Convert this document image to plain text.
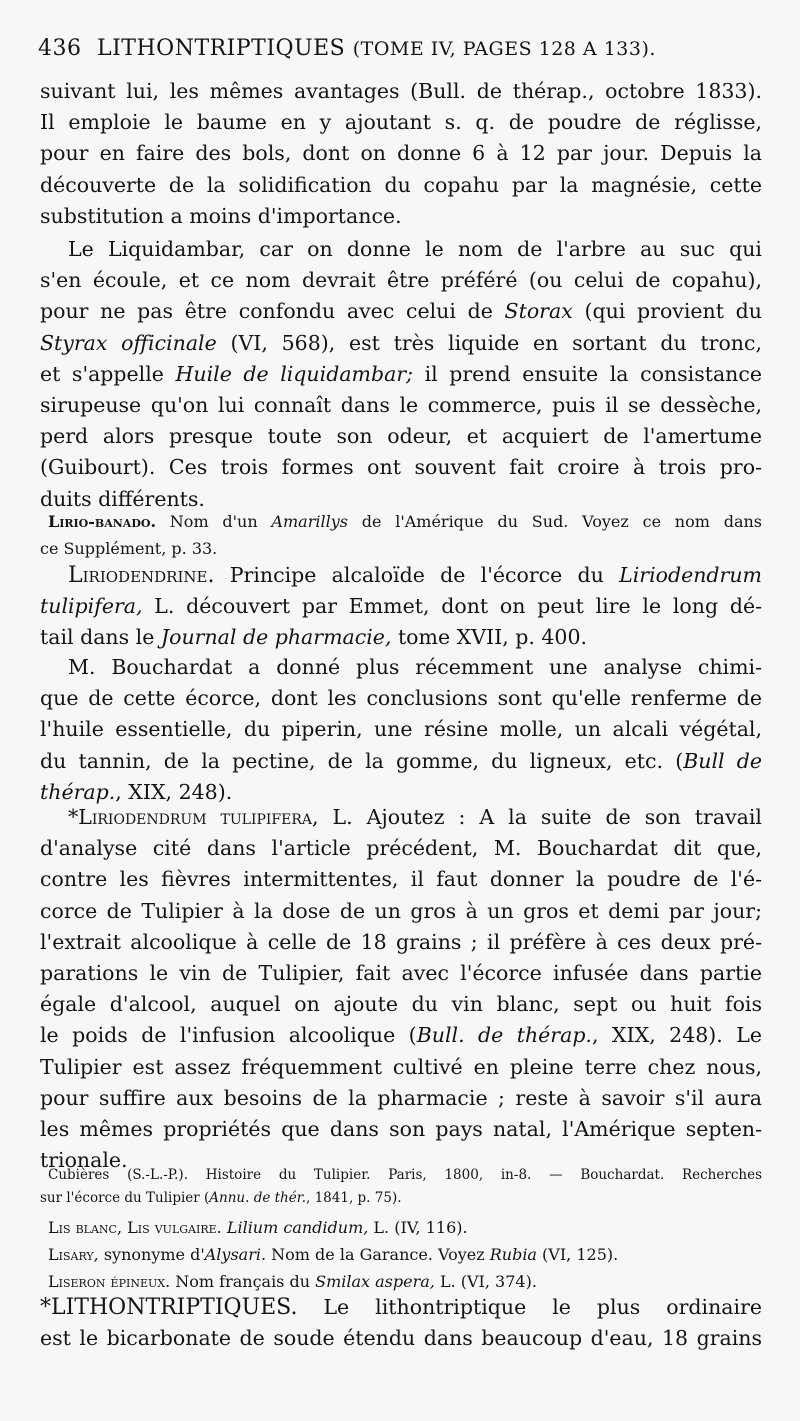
436 LITHONTRIPTIQUES (TOME IV, PAGES 128 A 133).
suivant lui, les mêmes avantages (Bull. de thérap., octobre 1833).
Il emploie le baume en y ajoutant s. q. de poudre de réglisse,
pour en faire des bols, dont on donne 6 à 12 par jour. Depuis la
découverte de la solidification du copahu par la magnésie, cette
substitution a moins d'importance.
Le Liquidambar, car on donne le nom de l'arbre au suc qui
s'en écoule, et ce nom devrait être préféré (ou celui de copahu),
pour ne pas être confondu avec celui de Storax (qui provient du
Styrax officinale (VI, 568), est très liquide en sortant du tronc,
et s'appelle Huile de liquidambar; il prend ensuite la consistance
sirupeuse qu'on lui connaît dans le commerce, puis il se dessèche,
perd alors presque toute son odeur, et acquiert de l'amertume
(Guibourt). Ces trois formes ont souvent fait croire à trois pro-
duits différents.
Lirio-banado. Nom d'un Amarillys de l'Amérique du Sud. Voyez ce nom dans
ce Supplément, p. 33.
Liriodendrine. Principe alcaloïde de l'écorce du Liriodendrum
tulipifera, L. découvert par Emmet, dont on peut lire le long dé-
tail dans le Journal de pharmacie, tome XVII, p. 400.
M. Bouchardat a donné plus récemment une analyse chimi-
que de cette écorce, dont les conclusions sont qu'elle renferme de
l'huile essentielle, du piperin, une résine molle, un alcali végétal,
du tannin, de la pectine, de la gomme, du ligneux, etc. (Bull de
thérap., XIX, 248).
*Liriodendrum tulipifera, L. Ajoutez : A la suite de son travail
d'analyse cité dans l'article précédent, M. Bouchardat dit que,
contre les fièvres intermittentes, il faut donner la poudre de l'é-
corce de Tulipier à la dose de un gros à un gros et demi par jour;
l'extrait alcoolique à celle de 18 grains ; il préfère à ces deux pré-
parations le vin de Tulipier, fait avec l'écorce infusée dans partie
égale d'alcool, auquel on ajoute du vin blanc, sept ou huit fois
le poids de l'infusion alcoolique (Bull. de thérap., XIX, 248). Le
Tulipier est assez fréquemment cultivé en pleine terre chez nous,
pour suffire aux besoins de la pharmacie ; reste à savoir s'il aura
les mêmes propriétés que dans son pays natal, l'Amérique septen-
trionale.
Cubières (S.-L.-P.). Histoire du Tulipier. Paris, 1800, in-8. — Bouchardat. Recherches
sur l'écorce du Tulipier (Annu. de thér., 1841, p. 75).
Lis blanc, Lis vulgaire. Lilium candidum, L. (IV, 116).
Lisary, synonyme d'Alysari. Nom de la Garance. Voyez Rubia (VI, 125).
Liseron épineux. Nom français du Smilax aspera, L. (VI, 374).
*LITHONTRIPTIQUES. Le lithontriptique le plus ordinaire
est le bicarbonate de soude étendu dans beaucoup d'eau, 18 grains
